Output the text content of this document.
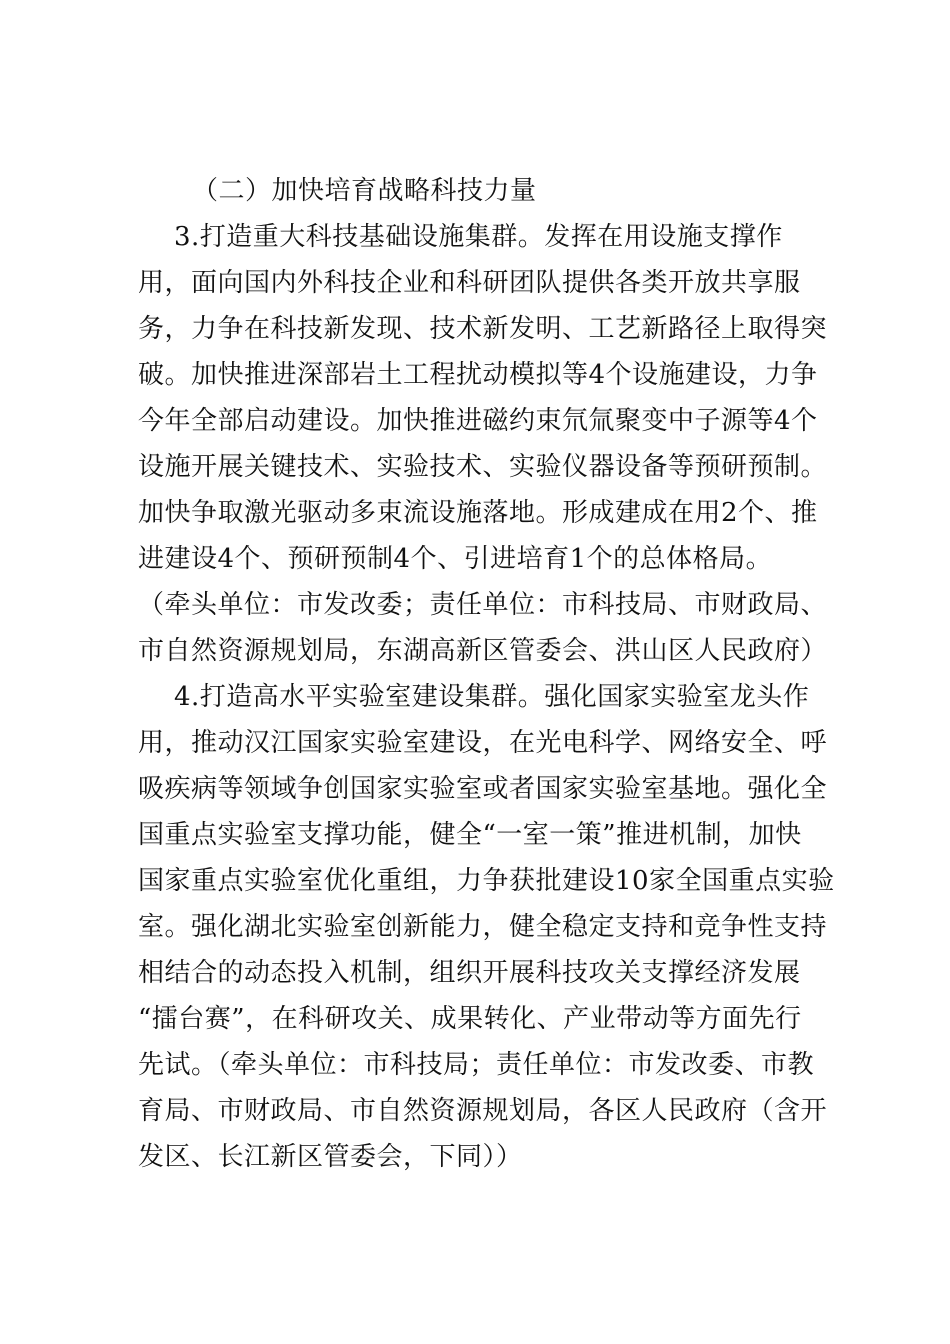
（二）加快培育战略科技力量
3.打造重大科技基础设施集群。发挥在用设施支撑作
用，面向国内外科技企业和科研团队提供各类开放共享服
务，力争在科技新发现、技术新发明、工艺新路径上取得突
破。加快推进深部岩土工程扰动模拟等4个设施建设，力争
今年全部启动建设。加快推进磁约束氘氚聚变中子源等4个
设施开展关键技术、实验技术、实验仪器设备等预研预制。
加快争取激光驱动多束流设施落地。形成建成在用2个、推
进建设4个、预研预制4个、引进培育1个的总体格局。
（牵头单位：市发改委；责任单位：市科技局、市财政局、
市自然资源规划局，东湖高新区管委会、洪山区人民政府）
4.打造高水平实验室建设集群。强化国家实验室龙头作
用，推动汉江国家实验室建设，在光电科学、网络安全、呼
吸疾病等领域争创国家实验室或者国家实验室基地。强化全
国重点实验室支撑功能，健全“一室一策”推进机制，加快
国家重点实验室优化重组，力争获批建设10家全国重点实验
室。强化湖北实验室创新能力，健全稳定支持和竞争性支持
相结合的动态投入机制，组织开展科技攻关支撑经济发展
“擂台赛”，在科研攻关、成果转化、产业带动等方面先行
先试。（牵头单位：市科技局；责任单位：市发改委、市教
育局、市财政局、市自然资源规划局，各区人民政府（含开
发区、长江新区管委会，下同））
